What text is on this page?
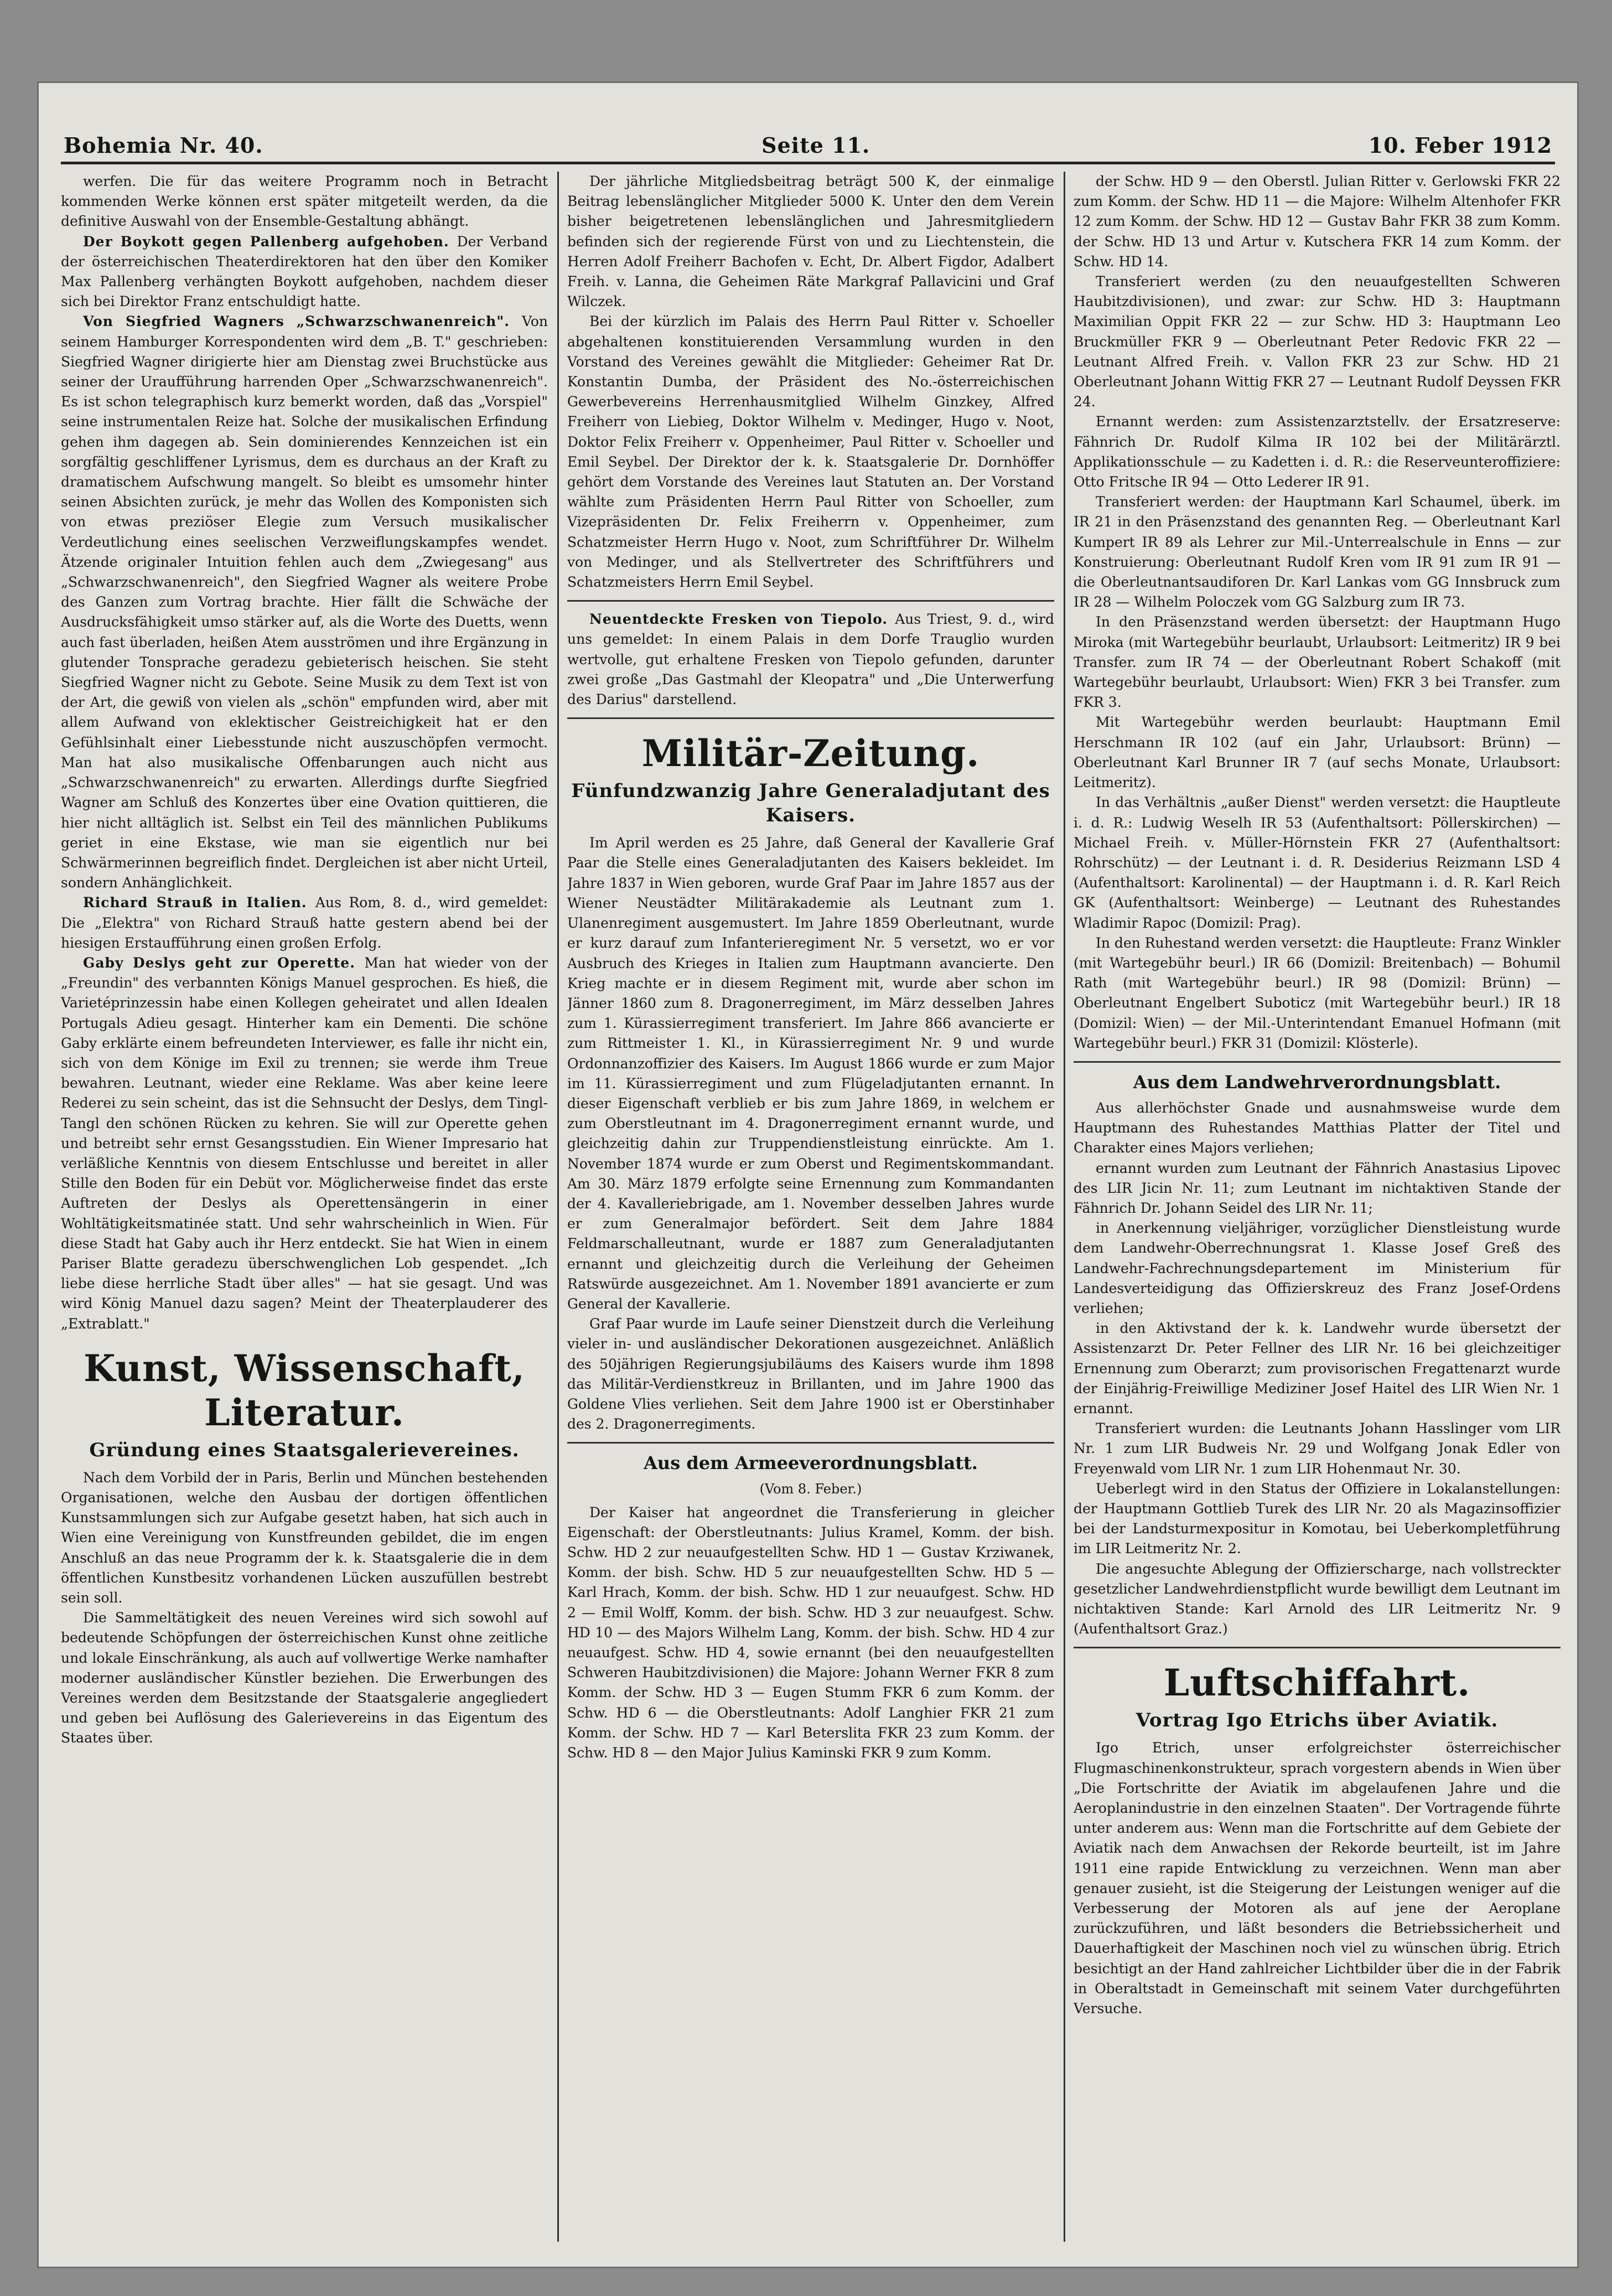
Bohemia Nr. 40.	Seite 11.	10. Feber 1912

werfen. Die für das weitere Programm noch in Betracht kommenden Werke können erst später mitgeteilt werden, da die definitive Auswahl von der Ensemble-Gestaltung abhängt.

Der Boykott gegen Pallenberg aufgehoben. Der Verband der österreichischen Theaterdirektoren hat den über den Komiker Max Pallenberg verhängten Boykott aufgehoben, nachdem dieser sich bei Direktor Franz entschuldigt hatte.

Von Siegfried Wagners „Schwarzschwanenreich". Von seinem Hamburger Korrespondenten wird dem „B. T." geschrieben: Siegfried Wagner dirigierte hier am Dienstag zwei Bruchstücke aus seiner der Uraufführung harrenden Oper „Schwarzschwanenreich". Es ist schon telegraphisch kurz bemerkt worden, daß das „Vorspiel" seine instrumentalen Reize hat. Solche der musikalischen Erfindung gehen ihm dagegen ab. Sein dominierendes Kennzeichen ist ein sorgfältig geschliffener Lyrismus, dem es durchaus an der Kraft zu dramatischem Aufschwung mangelt. So bleibt es umsomehr hinter seinen Absichten zurück, je mehr das Wollen des Komponisten sich von etwas preziöser Elegie zum Versuch musikalischer Verdeutlichung eines seelischen Verzweiflungskampfes wendet. Ätzende originaler Intuition fehlen auch dem „Zwiegesang" aus „Schwarzschwanenreich", den Siegfried Wagner als weitere Probe des Ganzen zum Vortrag brachte. Hier fällt die Schwäche der Ausdrucksfähigkeit umso stärker auf, als die Worte des Duetts, wenn auch fast überladen, heißen Atem ausströmen und ihre Ergänzung in glutender Tonsprache geradezu gebieterisch heischen. Sie steht Siegfried Wagner nicht zu Gebote. Seine Musik zu dem Text ist von der Art, die gewiß von vielen als „schön" empfunden wird, aber mit allem Aufwand von eklektischer Geistreichigkeit hat er den Gefühlsinhalt einer Liebesstunde nicht auszuschöpfen vermocht. Man hat also musikalische Offenbarungen auch nicht aus „Schwarzschwanenreich" zu erwarten. Allerdings durfte Siegfried Wagner am Schluß des Konzertes über eine Ovation quittieren, die hier nicht alltäglich ist. Selbst ein Teil des männlichen Publikums geriet in eine Ekstase, wie man sie eigentlich nur bei Schwärmerinnen begreiflich findet. Dergleichen ist aber nicht Urteil, sondern Anhänglichkeit.

Richard Strauß in Italien. Aus Rom, 8. d., wird gemeldet: Die „Elektra" von Richard Strauß hatte gestern abend bei der hiesigen Erstaufführung einen großen Erfolg.

Gaby Deslys geht zur Operette. Man hat wieder von der „Freundin" des verbannten Königs Manuel gesprochen. Es hieß, die Varietéprinzessin habe einen Kollegen geheiratet und allen Idealen Portugals Adieu gesagt. Hinterher kam ein Dementi. Die schöne Gaby erklärte einem befreundeten Interviewer, es falle ihr nicht ein, sich von dem Könige im Exil zu trennen; sie werde ihm Treue bewahren. Leutnant, wieder eine Reklame. Was aber keine leere Rederei zu sein scheint, das ist die Sehnsucht der Deslys, dem Tingl-Tangl den schönen Rücken zu kehren. Sie will zur Operette gehen und betreibt sehr ernst Gesangsstudien. Ein Wiener Impresario hat verläßliche Kenntnis von diesem Entschlusse und bereitet in aller Stille den Boden für ein Debüt vor. Möglicherweise findet das erste Auftreten der Deslys als Operettensängerin in einer Wohltätigkeitsmatinée statt. Und sehr wahrscheinlich in Wien. Für diese Stadt hat Gaby auch ihr Herz entdeckt. Sie hat Wien in einem Pariser Blatte geradezu überschwenglichen Lob gespendet. „Ich liebe diese herrliche Stadt über alles" — hat sie gesagt. Und was wird König Manuel dazu sagen? Meint der Theaterplauderer des „Extrablatt."

Kunst, Wissenschaft, Literatur.
Gründung eines Staatsgalerievereines.

Nach dem Vorbild der in Paris, Berlin und München bestehenden Organisationen, welche den Ausbau der dortigen öffentlichen Kunstsammlungen sich zur Aufgabe gesetzt haben, hat sich auch in Wien eine Vereinigung von Kunstfreunden gebildet, die im engen Anschluß an das neue Programm der k. k. Staatsgalerie die in dem öffentlichen Kunstbesitz vorhandenen Lücken auszufüllen bestrebt sein soll.

Die Sammeltätigkeit des neuen Vereines wird sich sowohl auf bedeutende Schöpfungen der österreichischen Kunst ohne zeitliche und lokale Einschränkung, als auch auf vollwertige Werke namhafter moderner ausländischer Künstler beziehen. Die Erwerbungen des Vereines werden dem Besitzstande der Staatsgalerie angegliedert und geben bei Auflösung des Galerievereins in das Eigentum des Staates über.

Der jährliche Mitgliedsbeitrag beträgt 500 K, der einmalige Beitrag lebenslänglicher Mitglieder 5000 K. Unter den dem Verein bisher beigetretenen lebenslänglichen und Jahresmitgliedern befinden sich der regierende Fürst von und zu Liechtenstein, die Herren Adolf Freiherr Bachofen v. Echt, Dr. Albert Figdor, Adalbert Freih. v. Lanna, die Geheimen Räte Markgraf Pallavicini und Graf Wilczek.

Bei der kürzlich im Palais des Herrn Paul Ritter v. Schoeller abgehaltenen konstituierenden Versammlung wurden in den Vorstand des Vereines gewählt die Mitglieder: Geheimer Rat Dr. Konstantin Dumba, der Präsident des No.-österreichischen Gewerbevereins Herrenhausmitglied Wilhelm Ginzkey, Alfred Freiherr von Liebieg, Doktor Wilhelm v. Medinger, Hugo v. Noot, Doktor Felix Freiherr v. Oppenheimer, Paul Ritter v. Schoeller und Emil Seybel. Der Direktor der k. k. Staatsgalerie Dr. Dornhöffer gehört dem Vorstande des Vereines laut Statuten an. Der Vorstand wählte zum Präsidenten Herrn Paul Ritter von Schoeller, zum Vizepräsidenten Dr. Felix Freiherrn v. Oppenheimer, zum Schatzmeister Herrn Hugo v. Noot, zum Schriftführer Dr. Wilhelm von Medinger, und als Stellvertreter des Schriftführers und Schatzmeisters Herrn Emil Seybel.

Neuentdeckte Fresken von Tiepolo. Aus Triest, 9. d., wird uns gemeldet: In einem Palais in dem Dorfe Trauglio wurden wertvolle, gut erhaltene Fresken von Tiepolo gefunden, darunter zwei große „Das Gastmahl der Kleopatra" und „Die Unterwerfung des Darius" darstellend.

Militär-Zeitung.
Fünfundzwanzig Jahre Generaladjutant des Kaisers.

Im April werden es 25 Jahre, daß General der Kavallerie Graf Paar die Stelle eines Generaladjutanten des Kaisers bekleidet. Im Jahre 1837 in Wien geboren, wurde Graf Paar im Jahre 1857 aus der Wiener Neustädter Militärakademie als Leutnant zum 1. Ulanenregiment ausgemustert. Im Jahre 1859 Oberleutnant, wurde er kurz darauf zum Infanterieregiment Nr. 5 versetzt, wo er vor Ausbruch des Krieges in Italien zum Hauptmann avancierte. Den Krieg machte er in diesem Regiment mit, wurde aber schon im Jänner 1860 zum 8. Dragonerregiment, im März desselben Jahres zum 1. Kürassierregiment transferiert. Im Jahre 866 avancierte er zum Rittmeister 1. Kl., in Kürassierregiment Nr. 9 und wurde Ordonnanzoffizier des Kaisers. Im August 1866 wurde er zum Major im 11. Kürassierregiment und zum Flügeladjutanten ernannt. In dieser Eigenschaft verblieb er bis zum Jahre 1869, in welchem er zum Oberstleutnant im 4. Dragonerregiment ernannt wurde, und gleichzeitig dahin zur Truppendienstleistung einrückte. Am 1. November 1874 wurde er zum Oberst und Regimentskommandant. Am 30. März 1879 erfolgte seine Ernennung zum Kommandanten der 4. Kavalleriebrigade, am 1. November desselben Jahres wurde er zum Generalmajor befördert. Seit dem Jahre 1884 Feldmarschalleutnant, wurde er 1887 zum Generaladjutanten ernannt und gleichzeitig durch die Verleihung der Geheimen Ratswürde ausgezeichnet. Am 1. November 1891 avancierte er zum General der Kavallerie.

Graf Paar wurde im Laufe seiner Dienstzeit durch die Verleihung vieler in- und ausländischer Dekorationen ausgezeichnet. Anläßlich des 50jährigen Regierungsjubiläums des Kaisers wurde ihm 1898 das Militär-Verdienstkreuz in Brillanten, und im Jahre 1900 das Goldene Vlies verliehen. Seit dem Jahre 1900 ist er Oberstinhaber des 2. Dragonerregiments.

Aus dem Armeeverordnungsblatt.
(Vom 8. Feber.)

Der Kaiser hat angeordnet die Transferierung in gleicher Eigenschaft: der Oberstleutnants: Julius Kramel, Komm. der bish. Schw. HD 2 zur neuaufgestellten Schw. HD 1 — Gustav Krziwanek, Komm. der bish. Schw. HD 5 zur neuaufgestellten Schw. HD 5 — Karl Hrach, Komm. der bish. Schw. HD 1 zur neuaufgest. Schw. HD 2 — Emil Wolff, Komm. der bish. Schw. HD 3 zur neuaufgest. Schw. HD 10 — des Majors Wilhelm Lang, Komm. der bish. Schw. HD 4 zur neuaufgest. Schw. HD 4, sowie ernannt (bei den neuaufgestellten Schweren Haubitzdivisionen) die Majore: Johann Werner FKR 8 zum Komm. der Schw. HD 3 — Eugen Stumm FKR 6 zum Komm. der Schw. HD 6 — die Oberstleutnants: Adolf Langhier FKR 21 zum Komm. der Schw. HD 7 — Karl Beterslita FKR 23 zum Komm. der Schw. HD 8 — den Major Julius Kaminski FKR 9 zum Komm.

der Schw. HD 9 — den Oberstl. Julian Ritter v. Gerlowski FKR 22 zum Komm. der Schw. HD 11 — die Majore: Wilhelm Altenhofer FKR 12 zum Komm. der Schw. HD 12 — Gustav Bahr FKR 38 zum Komm. der Schw. HD 13 und Artur v. Kutschera FKR 14 zum Komm. der Schw. HD 14.

Transferiert werden (zu den neuaufgestellten Schweren Haubitzdivisionen), und zwar: zur Schw. HD 3: Hauptmann Maximilian Oppit FKR 22 — zur Schw. HD 3: Hauptmann Leo Bruckmüller FKR 9 — Oberleutnant Peter Redovic FKR 22 — Leutnant Alfred Freih. v. Vallon FKR 23 zur Schw. HD 21 Oberleutnant Johann Wittig FKR 27 — Leutnant Rudolf Deyssen FKR 24.

Ernannt werden: zum Assistenzarztstellv. der Ersatzreserve: Fähnrich Dr. Rudolf Kilma IR 102 bei der Militärärztl. Applikationsschule — zu Kadetten i. d. R.: die Reserveunteroffiziere: Otto Fritsche IR 94 — Otto Lederer IR 91.

Transferiert werden: der Hauptmann Karl Schaumel, überk. im IR 21 in den Präsenzstand des genannten Reg. — Oberleutnant Karl Kumpert IR 89 als Lehrer zur Mil.-Unterrealschule in Enns — zur Konstruierung: Oberleutnant Rudolf Kren vom IR 91 zum IR 91 — die Oberleutnantsaudiforen Dr. Karl Lankas vom GG Innsbruck zum IR 28 — Wilhelm Poloczek vom GG Salzburg zum IR 73.

In den Präsenzstand werden übersetzt: der Hauptmann Hugo Miroka (mit Wartegebühr beurlaubt, Urlaubsort: Leitmeritz) IR 9 bei Transfer. zum IR 74 — der Oberleutnant Robert Schakoff (mit Wartegebühr beurlaubt, Urlaubsort: Wien) FKR 3 bei Transfer. zum FKR 3.

Mit Wartegebühr werden beurlaubt: Hauptmann Emil Herschmann IR 102 (auf ein Jahr, Urlaubsort: Brünn) — Oberleutnant Karl Brunner IR 7 (auf sechs Monate, Urlaubsort: Leitmeritz).

In das Verhältnis „außer Dienst" werden versetzt: die Hauptleute i. d. R.: Ludwig Weselh IR 53 (Aufenthaltsort: Pöllerskirchen) — Michael Freih. v. Müller-Hörnstein FKR 27 (Aufenthaltsort: Rohrschütz) — der Leutnant i. d. R. Desiderius Reizmann LSD 4 (Aufenthaltsort: Karolinental) — der Hauptmann i. d. R. Karl Reich GK (Aufenthaltsort: Weinberge) — Leutnant des Ruhestandes Wladimir Rapoc (Domizil: Prag).

In den Ruhestand werden versetzt: die Hauptleute: Franz Winkler (mit Wartegebühr beurl.) IR 66 (Domizil: Breitenbach) — Bohumil Rath (mit Wartegebühr beurl.) IR 98 (Domizil: Brünn) — Oberleutnant Engelbert Suboticz (mit Wartegebühr beurl.) IR 18 (Domizil: Wien) — der Mil.-Unterintendant Emanuel Hofmann (mit Wartegebühr beurl.) FKR 31 (Domizil: Klösterle).

Aus dem Landwehrverordnungsblatt.

Aus allerhöchster Gnade und ausnahmsweise wurde dem Hauptmann des Ruhestandes Matthias Platter der Titel und Charakter eines Majors verliehen;

ernannt wurden zum Leutnant der Fähnrich Anastasius Lipovec des LIR Jicin Nr. 11; zum Leutnant im nichtaktiven Stande der Fähnrich Dr. Johann Seidel des LIR Nr. 11;

in Anerkennung vieljähriger, vorzüglicher Dienstleistung wurde dem Landwehr-Oberrechnungsrat 1. Klasse Josef Greß des Landwehr-Fachrechnungsdepartement im Ministerium für Landesverteidigung das Offizierskreuz des Franz Josef-Ordens verliehen;

in den Aktivstand der k. k. Landwehr wurde übersetzt der Assistenzarzt Dr. Peter Fellner des LIR Nr. 16 bei gleichzeitiger Ernennung zum Oberarzt; zum provisorischen Fregattenarzt wurde der Einjährig-Freiwillige Mediziner Josef Haitel des LIR Wien Nr. 1 ernannt.

Transferiert wurden: die Leutnants Johann Hasslinger vom LIR Nr. 1 zum LIR Budweis Nr. 29 und Wolfgang Jonak Edler von Freyenwald vom LIR Nr. 1 zum LIR Hohenmaut Nr. 30.

Ueberlegt wird in den Status der Offiziere in Lokalanstellungen: der Hauptmann Gottlieb Turek des LIR Nr. 20 als Magazinsoffizier bei der Landsturmexpositur in Komotau, bei Ueberkompletführung im LIR Leitmeritz Nr. 2.

Die angesuchte Ablegung der Offizierscharge, nach vollstreckter gesetzlicher Landwehrdienstpflicht wurde bewilligt dem Leutnant im nichtaktiven Stande: Karl Arnold des LIR Leitmeritz Nr. 9 (Aufenthaltsort Graz.)

Luftschiffahrt.
Vortrag Igo Etrichs über Aviatik.

Igo Etrich, unser erfolgreichster österreichischer Flugmaschinenkonstrukteur, sprach vorgestern abends in Wien über „Die Fortschritte der Aviatik im abgelaufenen Jahre und die Aeroplanindustrie in den einzelnen Staaten". Der Vortragende führte unter anderem aus: Wenn man die Fortschritte auf dem Gebiete der Aviatik nach dem Anwachsen der Rekorde beurteilt, ist im Jahre 1911 eine rapide Entwicklung zu verzeichnen. Wenn man aber genauer zusieht, ist die Steigerung der Leistungen weniger auf die Verbesserung der Motoren als auf jene der Aeroplane zurückzuführen, und läßt besonders die Betriebssicherheit und Dauerhaftigkeit der Maschinen noch viel zu wünschen übrig. Etrich besichtigt an der Hand zahlreicher Lichtbilder über die in der Fabrik in Oberaltstadt in Gemeinschaft mit seinem Vater durchgeführten Versuche.
